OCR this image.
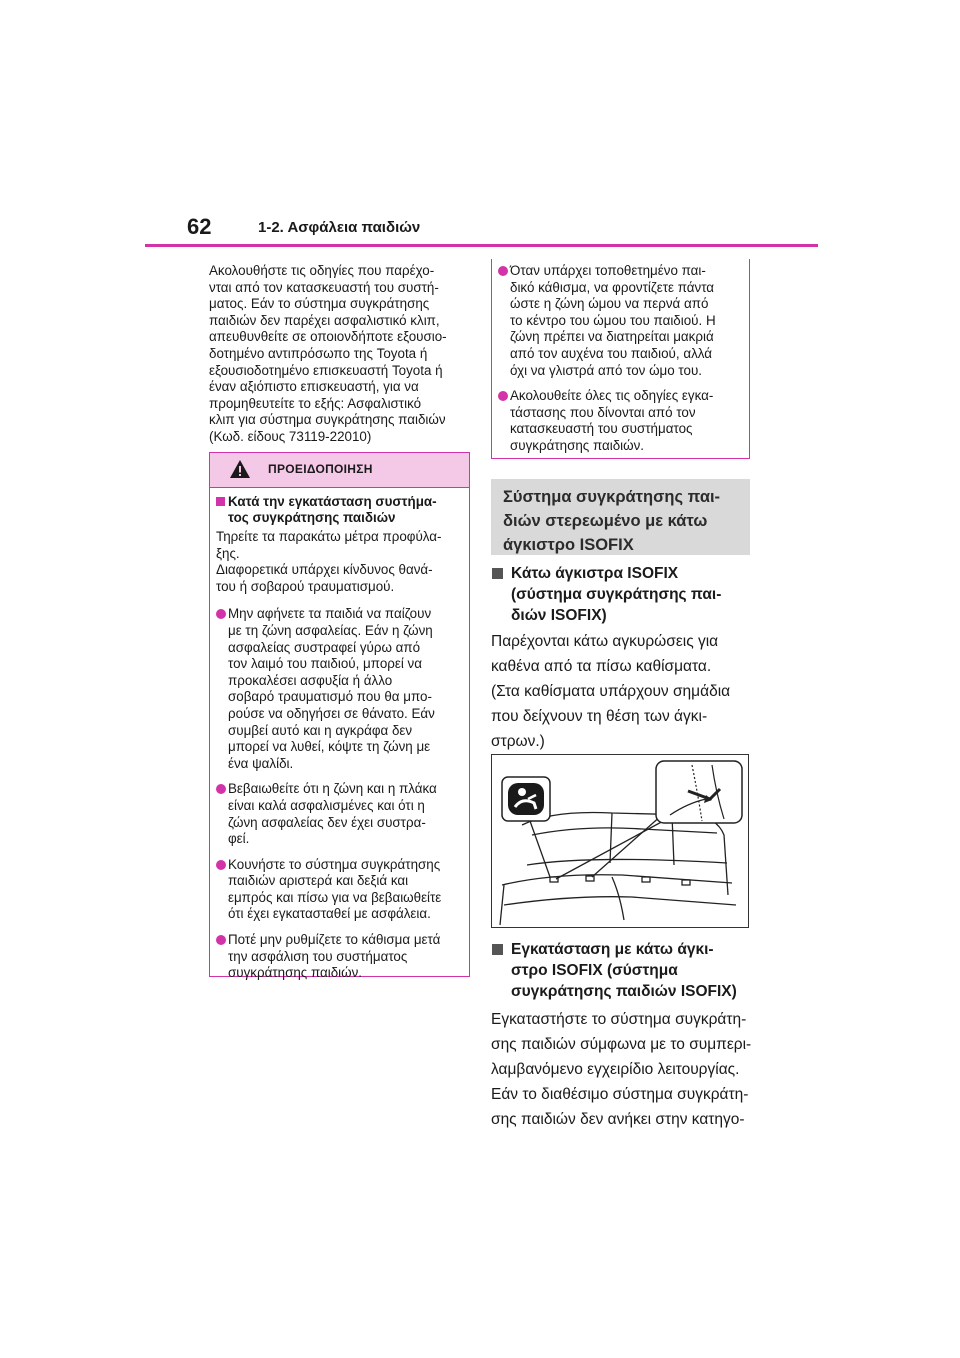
62	1-2. Ασφάλεια παιδιών
Ακολουθήστε τις οδηγίες που παρέχο-
νται από τον κατασκευαστή του συστή-
ματος. Εάν το σύστημα συγκράτησης
παιδιών δεν παρέχει ασφαλιστικό κλιπ,
απευθυνθείτε σε οποιονδήποτε εξουσιο-
δοτημένο αντιπρόσωπο της Toyota ή
εξουσιοδοτημένο επισκευαστή Toyota ή
έναν αξιόπιστο επισκευαστή, για να
προμηθευτείτε το εξής: Ασφαλιστικό
κλιπ για σύστημα συγκράτησης παιδιών
(Κωδ. είδους 73119-22010)
ΠΡΟΕΙΔΟΠΟΙΗΣΗ
Κατά την εγκατάσταση συστήμα-
τος συγκράτησης παιδιών
Τηρείτε τα παρακάτω μέτρα προφύλα-
ξης.
Διαφορετικά υπάρχει κίνδυνος θανά-
του ή σοβαρού τραυματισμού.
Μην αφήνετε τα παιδιά να παίζουν
με τη ζώνη ασφαλείας. Εάν η ζώνη
ασφαλείας συστραφεί γύρω από
τον λαιμό του παιδιού, μπορεί να
προκαλέσει ασφυξία ή άλλο
σοβαρό τραυματισμό που θα μπο-
ρούσε να οδηγήσει σε θάνατο. Εάν
συμβεί αυτό και η αγκράφα δεν
μπορεί να λυθεί, κόψτε τη ζώνη με
ένα ψαλίδι.
Βεβαιωθείτε ότι η ζώνη και η πλάκα
είναι καλά ασφαλισμένες και ότι η
ζώνη ασφαλείας δεν έχει συστρα-
φεί.
Κουνήστε το σύστημα συγκράτησης
παιδιών αριστερά και δεξιά και
εμπρός και πίσω για να βεβαιωθείτε
ότι έχει εγκατασταθεί με ασφάλεια.
Ποτέ μην ρυθμίζετε το κάθισμα μετά
την ασφάλιση του συστήματος
συγκράτησης παιδιών.
Όταν υπάρχει τοποθετημένο παι-
δικό κάθισμα, να φροντίζετε πάντα
ώστε η ζώνη ώμου να περνά από
το κέντρο του ώμου του παιδιού. Η
ζώνη πρέπει να διατηρείται μακριά
από τον αυχένα του παιδιού, αλλά
όχι να γλιστρά από τον ώμο του.
Ακολουθείτε όλες τις οδηγίες εγκα-
τάστασης που δίνονται από τον
κατασκευαστή του συστήματος
συγκράτησης παιδιών.
Σύστημα συγκράτησης παι-
διών στερεωμένο με κάτω
άγκιστρο ISOFIX
Κάτω άγκιστρα ISOFIX
(σύστημα συγκράτησης παι-
διών ISOFIX)
Παρέχονται κάτω αγκυρώσεις για
καθένα από τα πίσω καθίσματα.
(Στα καθίσματα υπάρχουν σημάδια
που δείχνουν τη θέση των άγκι-
στρων.)
Εγκατάσταση με κάτω άγκι-
στρο ISOFIX (σύστημα
συγκράτησης παιδιών ISOFIX)
Εγκαταστήστε το σύστημα συγκράτη-
σης παιδιών σύμφωνα με το συμπερι-
λαμβανόμενο εγχειρίδιο λειτουργίας.
Εάν το διαθέσιμο σύστημα συγκράτη-
σης παιδιών δεν ανήκει στην κατηγο-
